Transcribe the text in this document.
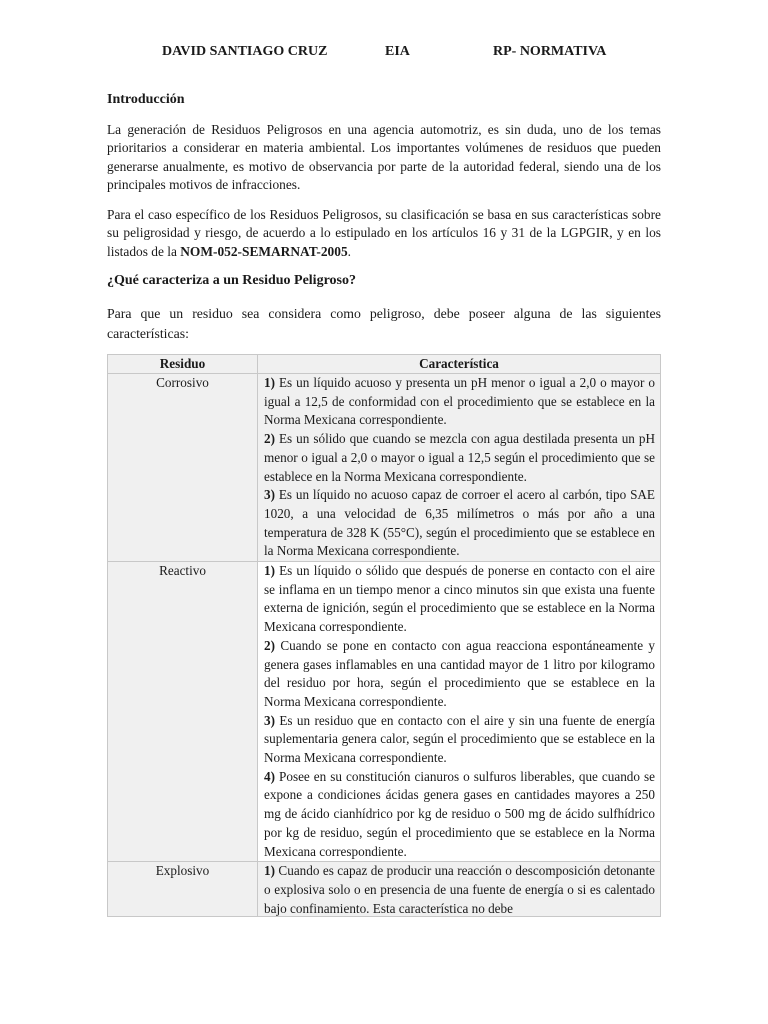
DAVID SANTIAGO CRUZ	EIA	RP- NORMATIVA
Introducción

La generación de Residuos Peligrosos en una agencia automotriz, es sin duda, uno de los temas prioritarios a considerar en materia ambiental. Los importantes volúmenes de residuos que pueden generarse anualmente, es motivo de observancia por parte de la autoridad federal, siendo una de los principales motivos de infracciones.

Para el caso específico de los Residuos Peligrosos, su clasificación se basa en sus características sobre su peligrosidad y riesgo, de acuerdo a lo estipulado en los artículos 16 y 31 de la LGPGIR, y en los listados de la NOM-052-SEMARNAT-2005.

¿Qué caracteriza a un Residuo Peligroso?

Para que un residuo sea considera como peligroso, debe poseer alguna de las siguientes características:

Residuo	Característica
Corrosivo	1) Es un líquido acuoso y presenta un pH menor o igual a 2,0 o mayor o igual a 12,5 de conformidad con el procedimiento que se establece en la Norma Mexicana correspondiente.

2) Es un sólido que cuando se mezcla con agua destilada presenta un pH menor o igual a 2,0 o mayor o igual a 12,5 según el procedimiento que se establece en la Norma Mexicana correspondiente.

3) Es un líquido no acuoso capaz de corroer el acero al carbón, tipo SAE 1020, a una velocidad de 6,35 milímetros o más por año a una temperatura de 328 K (55°C), según el procedimiento que se establece en la Norma Mexicana correspondiente.

Reactivo	1) Es un líquido o sólido que después de ponerse en contacto con el aire se inflama en un tiempo menor a cinco minutos sin que exista una fuente externa de ignición, según el procedimiento que se establece en la Norma Mexicana correspondiente.

2) Cuando se pone en contacto con agua reacciona espontáneamente y genera gases inflamables en una cantidad mayor de 1 litro por kilogramo del residuo por hora, según el procedimiento que se establece en la Norma Mexicana correspondiente.

3) Es un residuo que en contacto con el aire y sin una fuente de energía suplementaria genera calor, según el procedimiento que se establece en la Norma Mexicana correspondiente.

4) Posee en su constitución cianuros o sulfuros liberables, que cuando se expone a condiciones ácidas genera gases en cantidades mayores a 250 mg de ácido cianhídrico por kg de residuo o 500 mg de ácido sulfhídrico por kg de residuo, según el procedimiento que se establece en la Norma Mexicana correspondiente.

Explosivo	1) Cuando es capaz de producir una reacción o descomposición detonante o explosiva solo o en presencia de una fuente de energía o si es calentado bajo confinamiento. Esta característica no debe
